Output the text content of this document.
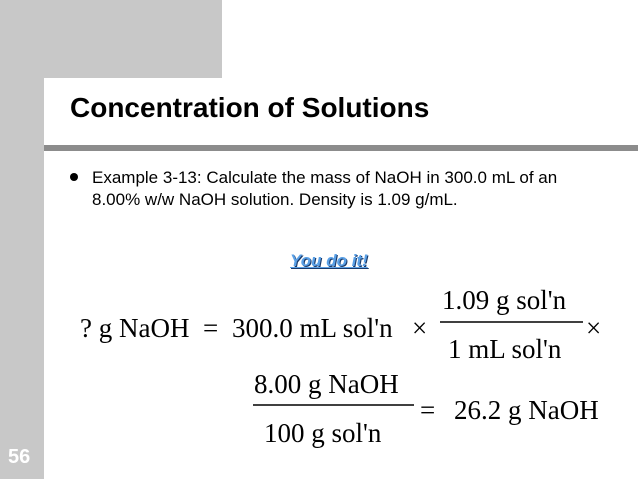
56
Concentration of Solutions

Example 3-13: Calculate the mass of NaOH in 300.0 mL of an 8.00% w/w NaOH solution. Density is 1.09 g/mL.

You do it!
? g NaOH = 300.0 mL sol'n ×
1.09 g sol'n
1 mL sol'n
×
8.00 g NaOH
100 g sol'n
= 26.2 g NaOH
